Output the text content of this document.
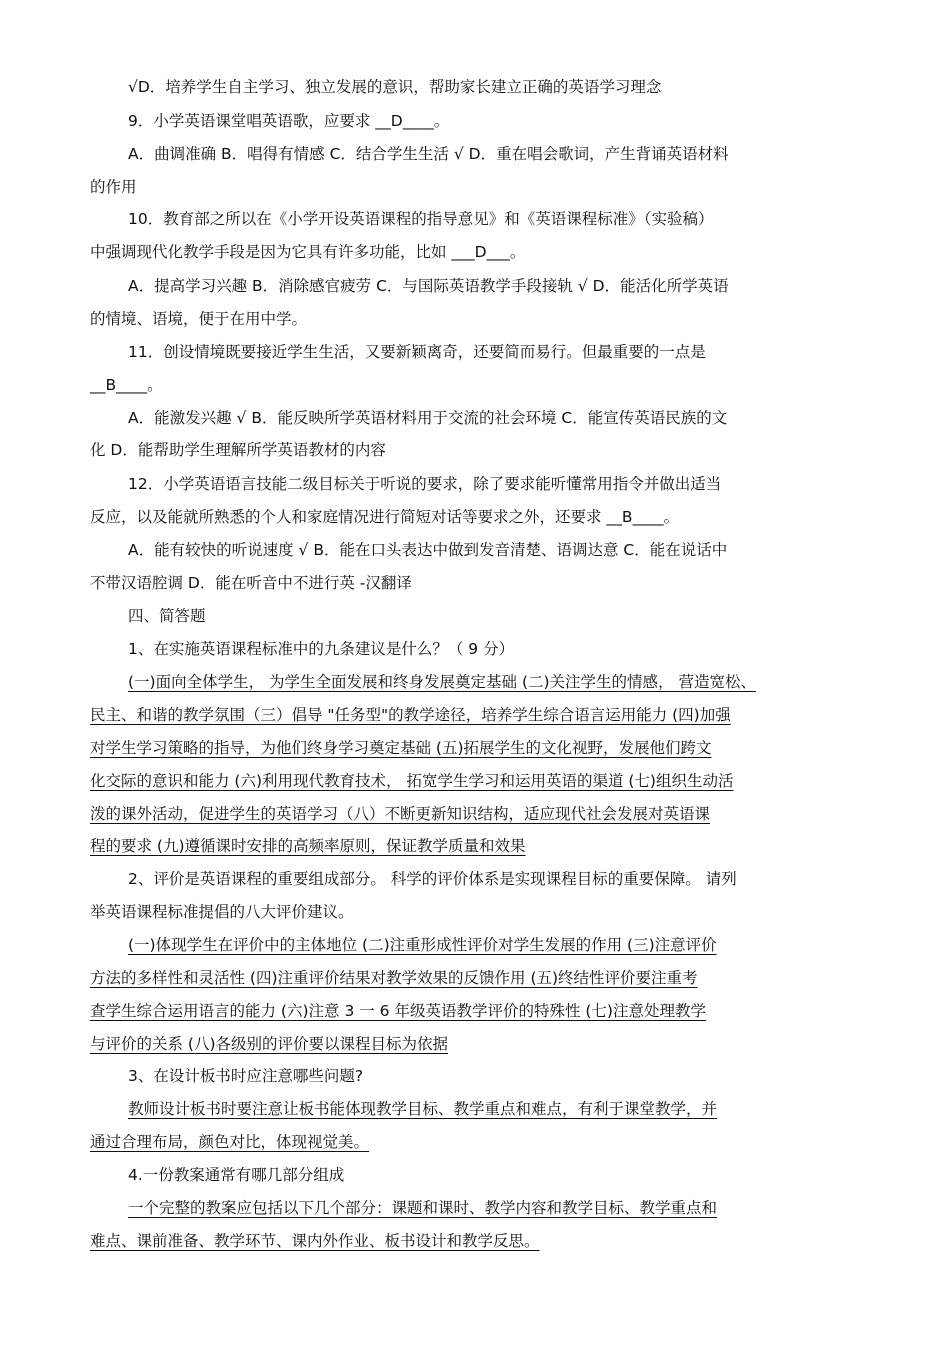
√D．培养学生自主学习、独立发展的意识，帮助家长建立正确的英语学习理念
9．小学英语课堂唱英语歌，应要求 __D____。
A．曲调准确 B．唱得有情感 C．结合学生生活 √ D．重在唱会歌词，产生背诵英语材料
的作用
10．教育部之所以在《小学开设英语课程的指导意见》和《英语课程标准》（实验稿）
中强调现代化教学手段是因为它具有许多功能，比如 ___D___。
A．提高学习兴趣 B．消除感官疲劳 C．与国际英语教学手段接轨 √ D．能活化所学英语
的情境、语境，便于在用中学。
11．创设情境既要接近学生生活，又要新颖离奇，还要简而易行。但最重要的一点是
__B____。
A．能激发兴趣 √ B．能反映所学英语材料用于交流的社会环境 C．能宣传英语民族的文
化 D．能帮助学生理解所学英语教材的内容
12．小学英语语言技能二级目标关于听说的要求，除了要求能听懂常用指令并做出适当
反应，以及能就所熟悉的个人和家庭情况进行简短对话等要求之外，还要求 __B____。
A．能有较快的听说速度 √ B．能在口头表达中做到发音清楚、语调达意 C．能在说话中
不带汉语腔调 D．能在听音中不进行英 -汉翻译
四、简答题
1、在实施英语课程标准中的九条建议是什么？（ 9 分）
(一)面向全体学生， 为学生全面发展和终身发展奠定基础 (二)关注学生的情感， 营造宽松、
民主、和谐的教学氛围（三）倡导 "任务型"的教学途径，培养学生综合语言运用能力 (四)加强
对学生学习策略的指导，为他们终身学习奠定基础 (五)拓展学生的文化视野，发展他们跨文
化交际的意识和能力 (六)利用现代教育技术， 拓宽学生学习和运用英语的渠道 (七)组织生动活
泼的课外活动，促进学生的英语学习（八）不断更新知识结构，适应现代社会发展对英语课
程的要求 (九)遵循课时安排的高频率原则，保证教学质量和效果
2、评价是英语课程的重要组成部分。 科学的评价体系是实现课程目标的重要保障。 请列
举英语课程标准提倡的八大评价建议。
(一)体现学生在评价中的主体地位 (二)注重形成性评价对学生发展的作用 (三)注意评价
方法的多样性和灵活性 (四)注重评价结果对教学效果的反馈作用 (五)终结性评价要注重考
查学生综合运用语言的能力 (六)注意 3 一 6 年级英语教学评价的特殊性 (七)注意处理教学
与评价的关系 (八)各级别的评价要以课程目标为依据
3、在设计板书时应注意哪些问题?
教师设计板书时要注意让板书能体现教学目标、教学重点和难点，有利于课堂教学，并
通过合理布局，颜色对比，体现视觉美。
4.一份教案通常有哪几部分组成
一个完整的教案应包括以下几个部分：课题和课时、教学内容和教学目标、教学重点和
难点、课前准备、教学环节、课内外作业、板书设计和教学反思。
